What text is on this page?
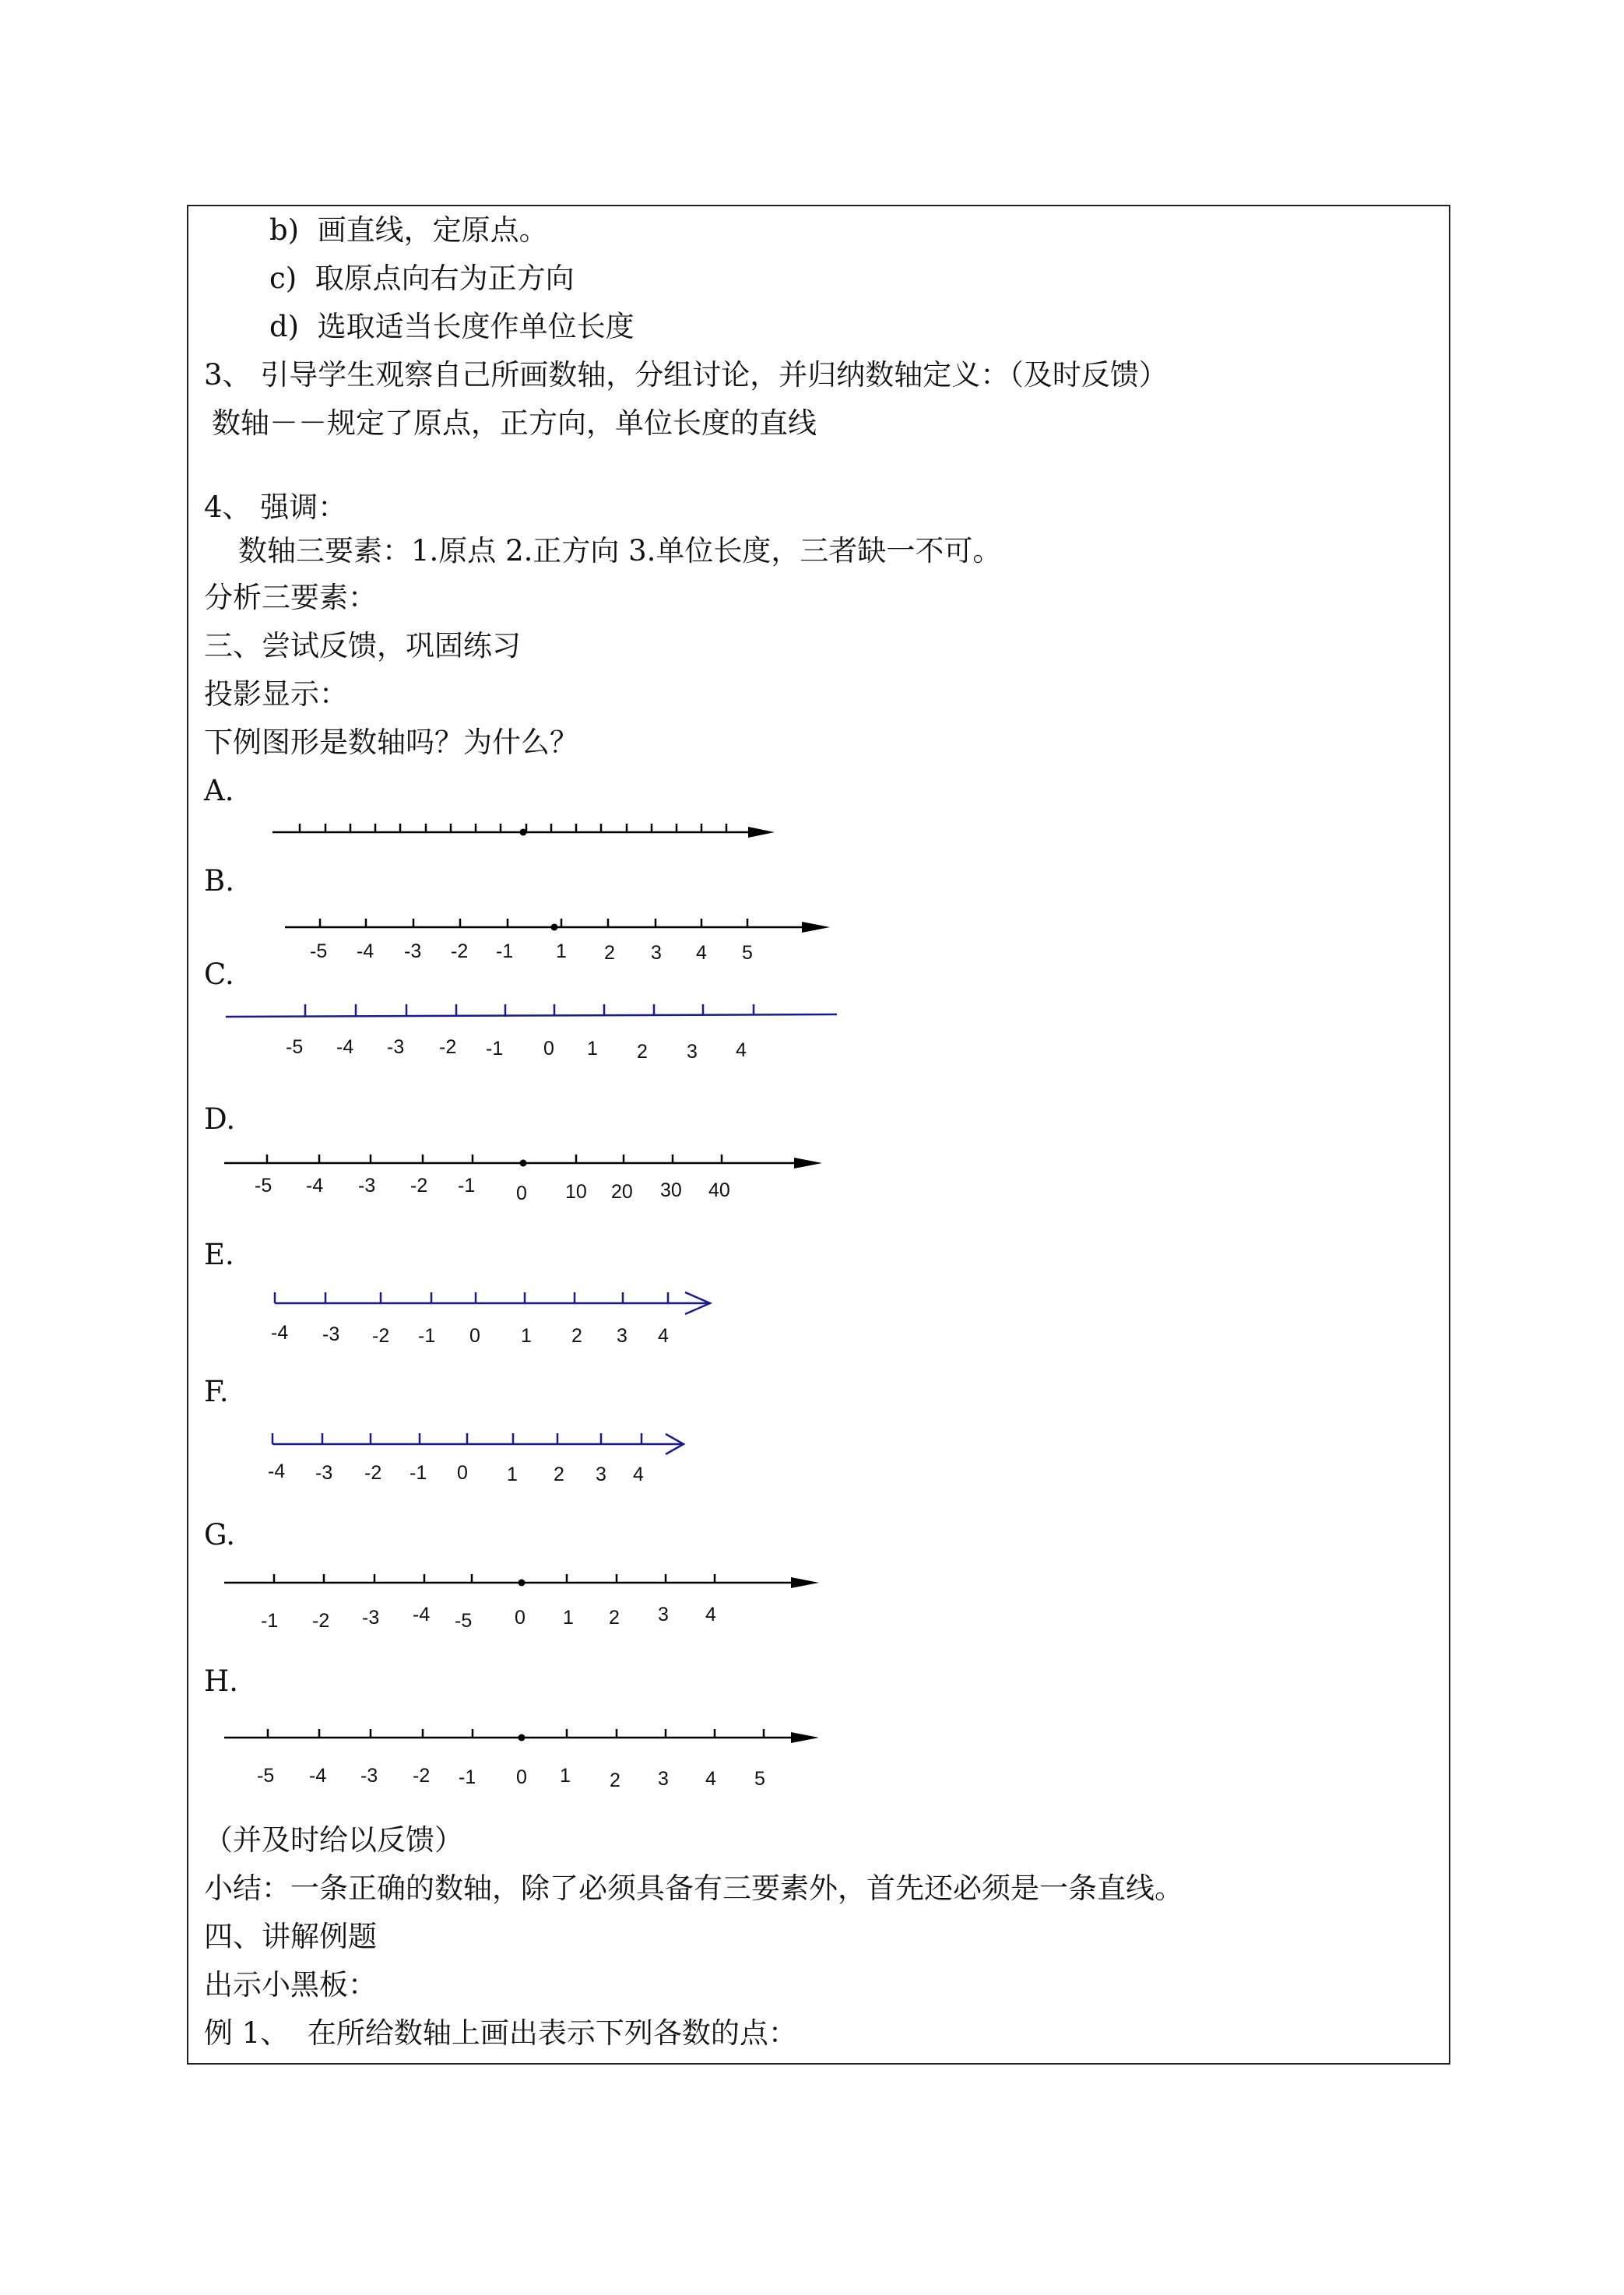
b)  画直线，定原点。
c)  取原点向右为正方向
d)  选取适当长度作单位长度
3、 引导学生观察自己所画数轴，分组讨论，并归纳数轴定义：（及时反馈）
数轴－－规定了原点，正方向，单位长度的直线
4、 强调：
数轴三要素：1.原点 2.正方向 3.单位长度，三者缺一不可。
分析三要素：
三、尝试反馈，巩固练习
投影显示：
下例图形是数轴吗？为什么？
（并及时给以反馈）
小结：一条正确的数轴，除了必须具备有三要素外，首先还必须是一条直线。
四、讲解例题
出示小黑板：
例 1、  在所给数轴上画出表示下列各数的点：
A.
B.
C.
D.
E.
F.
G.
H.
-5 -4 -3 -2 -1 1 2 3 4 5
-5 -4 -3 -2 -1 0 1 2 3 4
-5 -4 -3 -2 -1 0 10 20 30 40
-4 -3 -2 -1 0 1 2 3 4
-4 -3 -2 -1 0 1 2 3 4
-1 -2 -3 -4 -5 0 1 2 3 4
-5 -4 -3 -2 -1 0 1 2 3 4 5
